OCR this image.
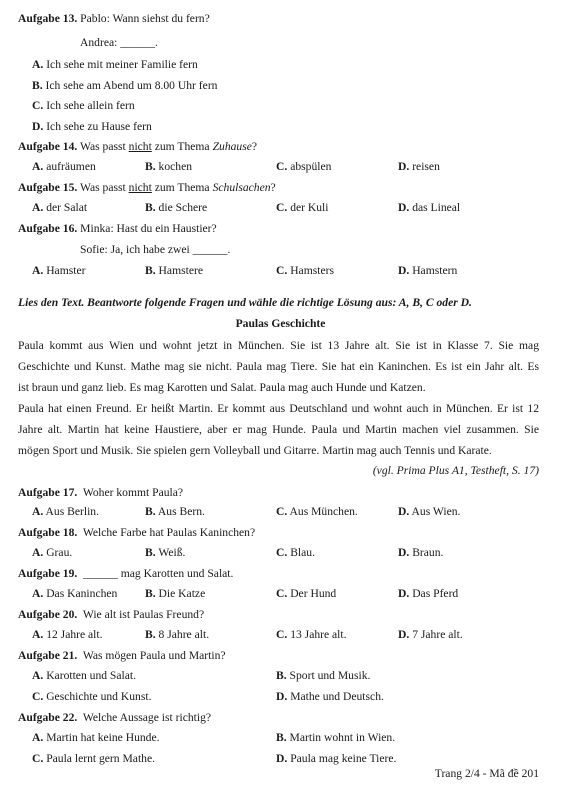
Aufgabe 13. Pablo: Wann siehst du fern?
Andrea: ______.
A. Ich sehe mit meiner Familie fern
B. Ich sehe am Abend um 8.00 Uhr fern
C. Ich sehe allein fern
D. Ich sehe zu Hause fern
Aufgabe 14. Was passt nicht zum Thema Zuhause?
A. aufräumen	B. kochen	C. abspülen	D. reisen
Aufgabe 15. Was passt nicht zum Thema Schulsachen?
A. der Salat	B. die Schere	C. der Kuli	D. das Lineal
Aufgabe 16. Minka: Hast du ein Haustier?
Sofie: Ja, ich habe zwei ______.
A. Hamster	B. Hamstere	C. Hamsters	D. Hamstern
Lies den Text. Beantworte folgende Fragen und wähle die richtige Lösung aus: A, B, C oder D.
Paulas Geschichte
Paula kommt aus Wien und wohnt jetzt in München. Sie ist 13 Jahre alt. Sie ist in Klasse 7. Sie mag
Geschichte und Kunst. Mathe mag sie nicht. Paula mag Tiere. Sie hat ein Kaninchen. Es ist ein Jahr alt. Es
ist braun und ganz lieb. Es mag Karotten und Salat. Paula mag auch Hunde und Katzen.
Paula hat einen Freund. Er heißt Martin. Er kommt aus Deutschland und wohnt auch in München. Er ist 12
Jahre alt. Martin hat keine Haustiere, aber er mag Hunde. Paula und Martin machen viel zusammen. Sie
mögen Sport und Musik. Sie spielen gern Volleyball und Gitarre. Martin mag auch Tennis und Karate.
(vgl. Prima Plus A1, Testheft, S. 17)
Aufgabe 17. Woher kommt Paula?
A. Aus Berlin.	B. Aus Bern.	C. Aus München.	D. Aus Wien.
Aufgabe 18. Welche Farbe hat Paulas Kaninchen?
A. Grau.	B. Weiß.	C. Blau.	D. Braun.
Aufgabe 19. ______ mag Karotten und Salat.
A. Das Kaninchen B. Die Katze	C. Der Hund	D. Das Pferd
Aufgabe 20. Wie alt ist Paulas Freund?
A. 12 Jahre alt.	B. 8 Jahre alt.	C. 13 Jahre alt.	D. 7 Jahre alt.
Aufgabe 21. Was mögen Paula und Martin?
A. Karotten und Salat.	B. Sport und Musik.
C. Geschichte und Kunst.	D. Mathe und Deutsch.
Aufgabe 22. Welche Aussage ist richtig?
A. Martin hat keine Hunde.	B. Martin wohnt in Wien.
C. Paula lernt gern Mathe.	D. Paula mag keine Tiere.
Trang 2/4 - Mã đề 201
